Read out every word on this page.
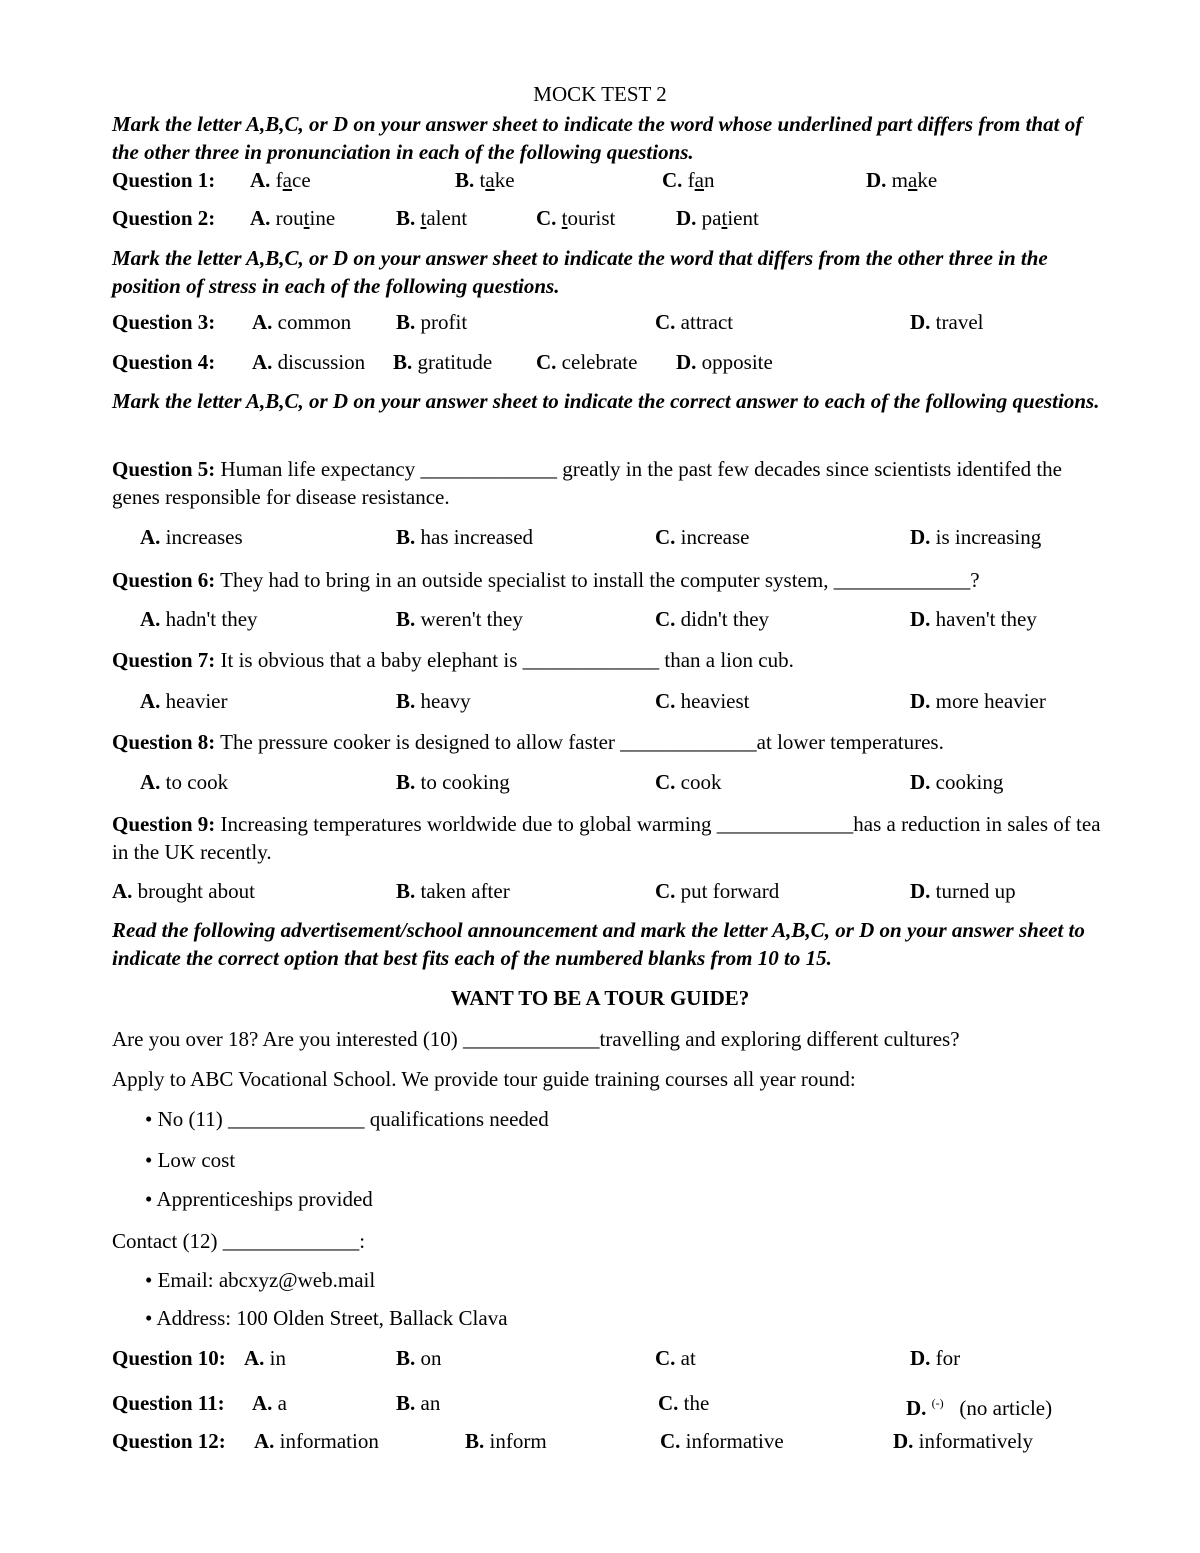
MOCK TEST 2
Mark the letter A,B,C, or D on your answer sheet to indicate the word whose underlined part differs from that of the other three in pronunciation in each of the following questions.
Question 1: A. face	B. take	C. fan	D. make
Question 2: A. routine	B. talent	C. tourist	D. patient
Mark the letter A,B,C, or D on your answer sheet to indicate the word that differs from the other three in the position of stress in each of the following questions.
Question 3: A. common B. profit	C. attract	D. travel
Question 4: A. discussion B. gratitude C. celebrate D. opposite
Mark the letter A,B,C, or D on your answer sheet to indicate the correct answer to each of the following questions.
Question 5: Human life expectancy _____________ greatly in the past few decades since scientists identifed the genes responsible for disease resistance.
A. increases	B. has increased	C. increase	D. is increasing
Question 6: They had to bring in an outside specialist to install the computer system, _____________?
A. hadn't they	B. weren't they	C. didn't they	D. haven't they
Question 7: It is obvious that a baby elephant is _____________ than a lion cub.
A. heavier	B. heavy	C. heaviest	D. more heavier
Question 8: The pressure cooker is designed to allow faster _____________at lower temperatures.
A. to cook	B. to cooking	C. cook	D. cooking
Question 9: Increasing temperatures worldwide due to global warming _____________has a reduction in sales of tea in the UK recently.
A. brought about	B. taken after	C. put forward	D. turned up
Read the following advertisement/school announcement and mark the letter A,B,C, or D on your answer sheet to indicate the correct option that best fits each of the numbered blanks from 10 to 15.
WANT TO BE A TOUR GUIDE?
Are you over 18? Are you interested (10) _____________travelling and exploring different cultures?
Apply to ABC Vocational School. We provide tour guide training courses all year round:
• No (11) _____________ qualifications needed
• Low cost
• Apprenticeships provided
Contact (12) _____________:
• Email: abcxyz@web.mail
• Address: 100 Olden Street, Ballack Clava
Question 10: A. in	B. on	C. at	D. for
Question 11: A. a	B. an	C. the	D. (-) (no article)
Question 12: A. information	B. inform	C. informative	D. informatively
